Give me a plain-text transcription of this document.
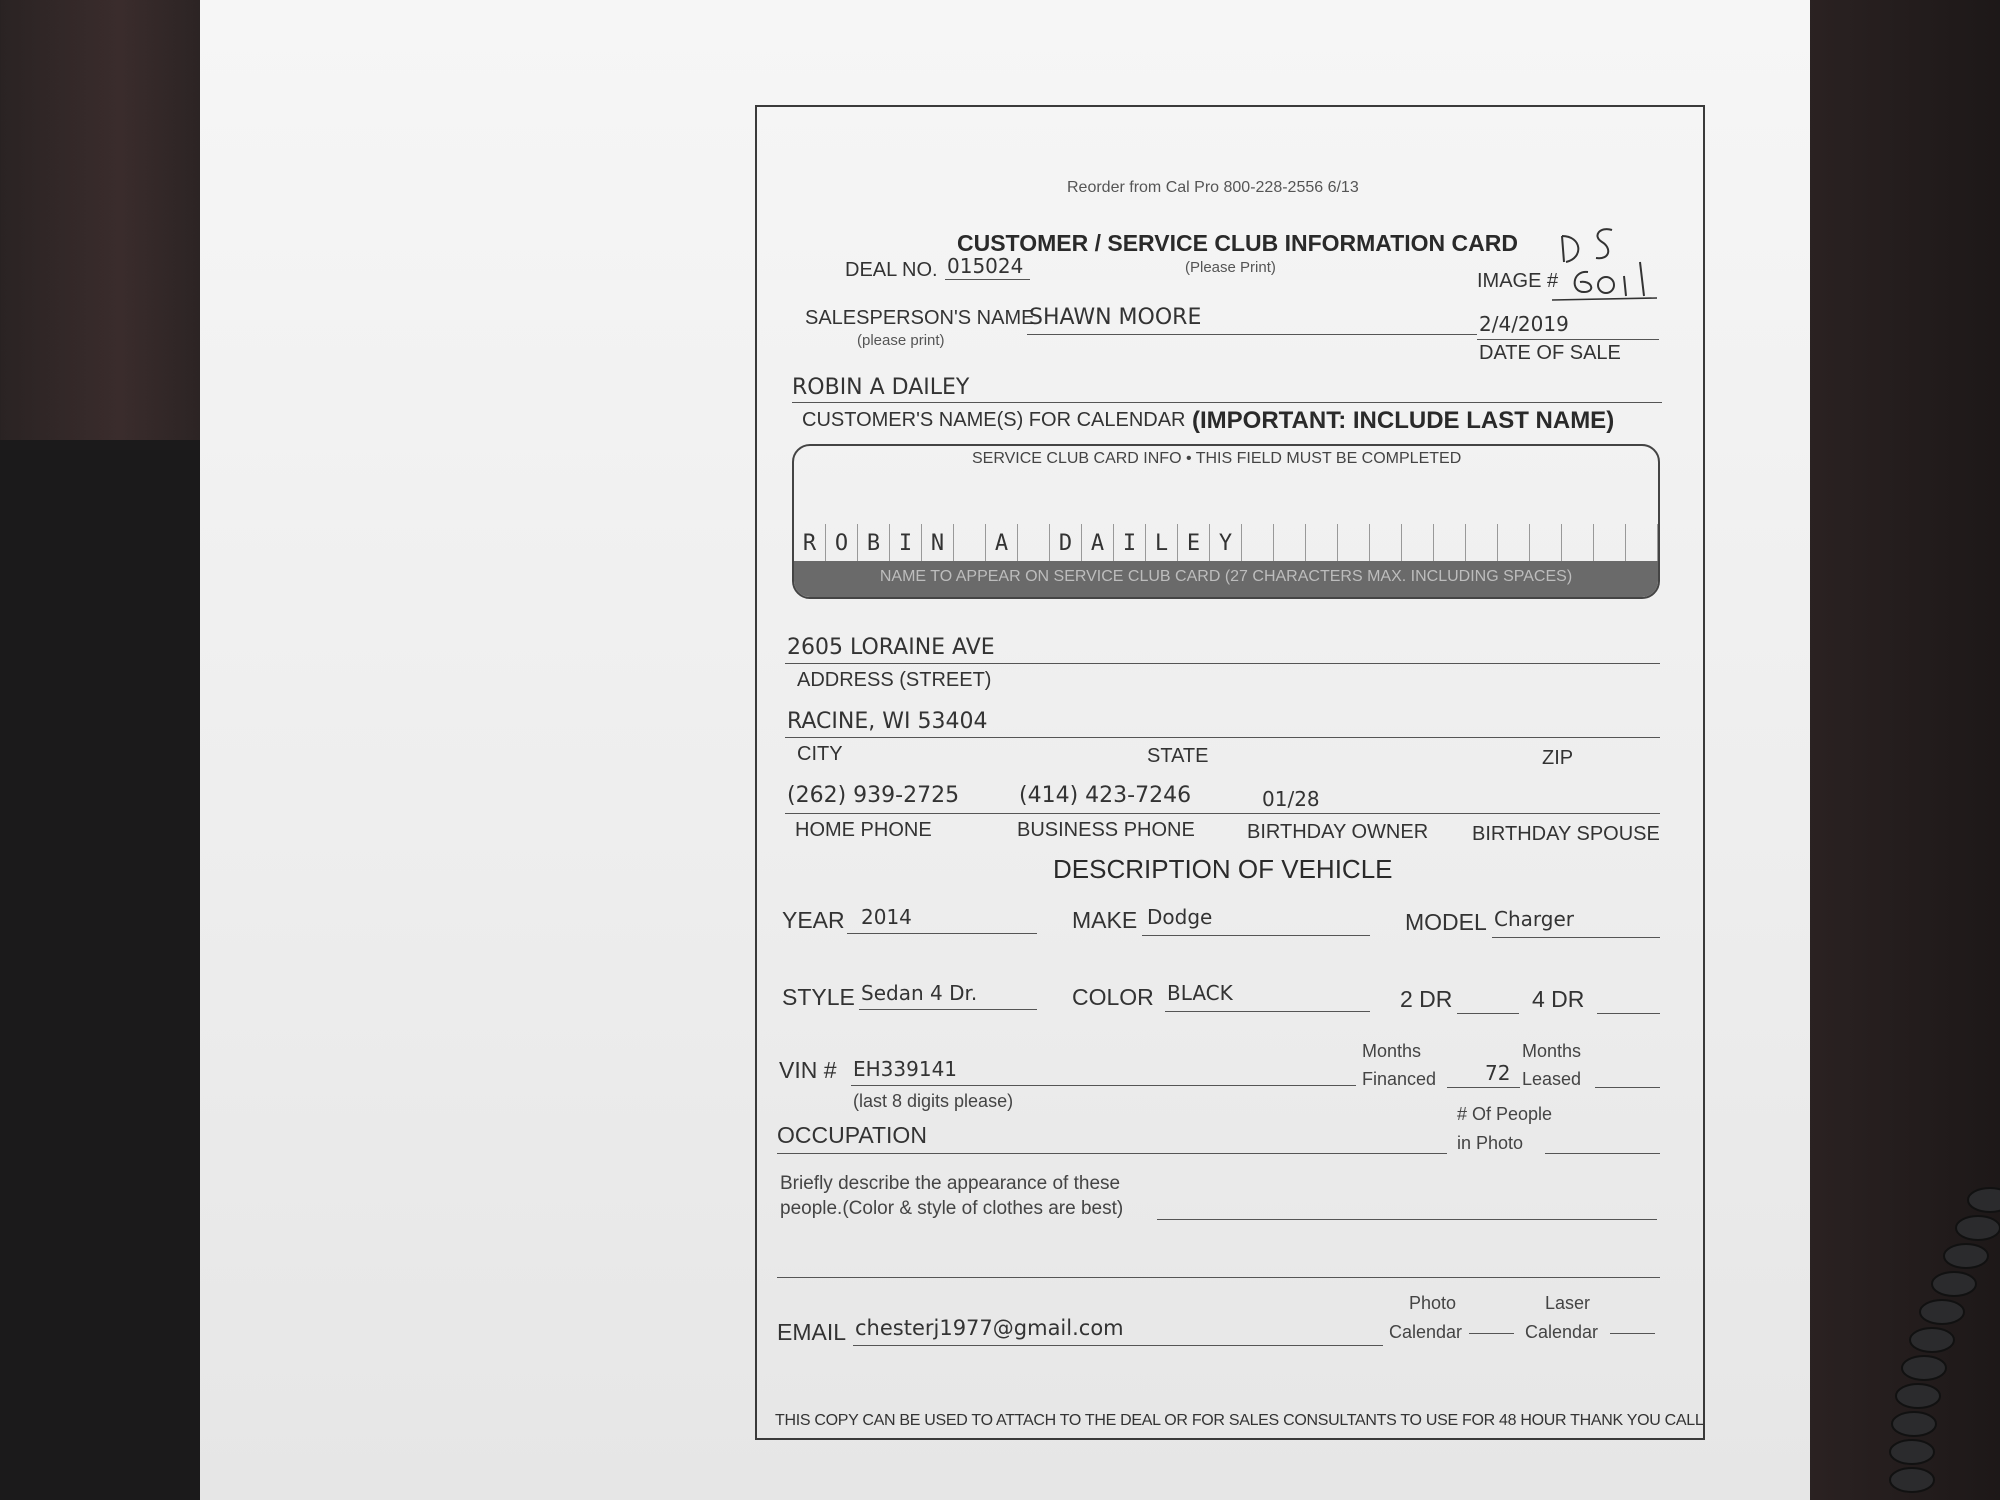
Reorder from Cal Pro 800-228-2556 6/13
CUSTOMER / SERVICE CLUB INFORMATION CARD
(Please Print)
DEAL NO. 015024
IMAGE #
SALESPERSON'S NAME
(please print)
SHAWN MOORE	2/4/2019
DATE OF SALE
ROBIN A DAILEY
CUSTOMER'S NAME(S) FOR CALENDAR (IMPORTANT: INCLUDE LAST NAME)
SERVICE CLUB CARD INFO • THIS FIELD MUST BE COMPLETED
R O B I N	A	D A I L E Y
NAME TO APPEAR ON SERVICE CLUB CARD (27 CHARACTERS MAX. INCLUDING SPACES)
2605 LORAINE AVE
ADDRESS (STREET)
RACINE, WI 53404
CITY	STATE	ZIP
(262) 939-2725	(414) 423-7246	01/28
HOME PHONE	BUSINESS PHONE	BIRTHDAY OWNER BIRTHDAY SPOUSE
DESCRIPTION OF VEHICLE
YEAR 2014	MAKE Dodge	MODEL Charger
STYLE Sedan 4 Dr.	COLOR BLACK	2 DR	4 DR
VIN # EH339141
(last 8 digits please)
Months
Financed 72
Months
Leased
OCCUPATION
# Of People
in Photo
Briefly describe the appearance of these
people.(Color & style of clothes are best)
EMAIL chesterj1977@gmail.com
Photo
Calendar
Laser
Calendar
THIS COPY CAN BE USED TO ATTACH TO THE DEAL OR FOR SALES CONSULTANTS TO USE FOR 48 HOUR THANK YOU CALL
